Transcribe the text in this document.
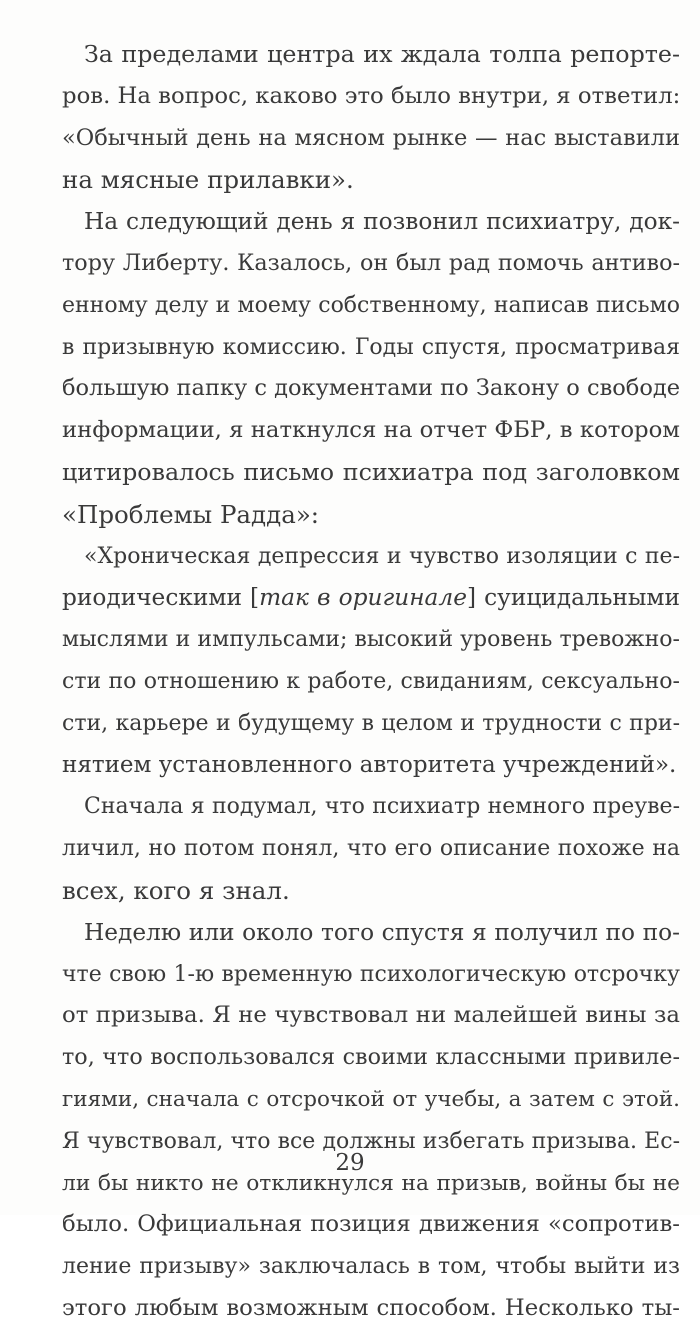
За пределами центра их ждала толпа репорте-
ров. На вопрос, каково это было внутри, я ответил:
«Обычный день на мясном рынке — нас выставили
на мясные прилавки».
На следующий день я позвонил психиатру, док-
тору Либерту. Казалось, он был рад помочь антиво-
енному делу и моему собственному, написав письмо
в призывную комиссию. Годы спустя, просматривая
большую папку с документами по Закону о свободе
информации, я наткнулся на отчет ФБР, в котором
цитировалось письмо психиатра под заголовком
«Проблемы Радда»:
«Хроническая депрессия и чувство изоляции с пе-
риодическими [так в оригинале] суицидальными
мыслями и импульсами; высокий уровень тревожно-
сти по отношению к работе, свиданиям, сексуально-
сти, карьере и будущему в целом и трудности с при-
нятием установленного авторитета учреждений».
Сначала я подумал, что психиатр немного преуве-
личил, но потом понял, что его описание похоже на
всех, кого я знал.
Неделю или около того спустя я получил по по-
чте свою 1-ю временную психологическую отсрочку
от призыва. Я не чувствовал ни малейшей вины за
то, что воспользовался своими классными привиле-
гиями, сначала с отсрочкой от учебы, а затем с этой.
Я чувствовал, что все должны избегать призыва. Ес-
ли бы никто не откликнулся на призыв, войны бы не
было. Официальная позиция движения «сопротив-
ление призыву» заключалась в том, чтобы выйти из
этого любым возможным способом. Несколько ты-
29
